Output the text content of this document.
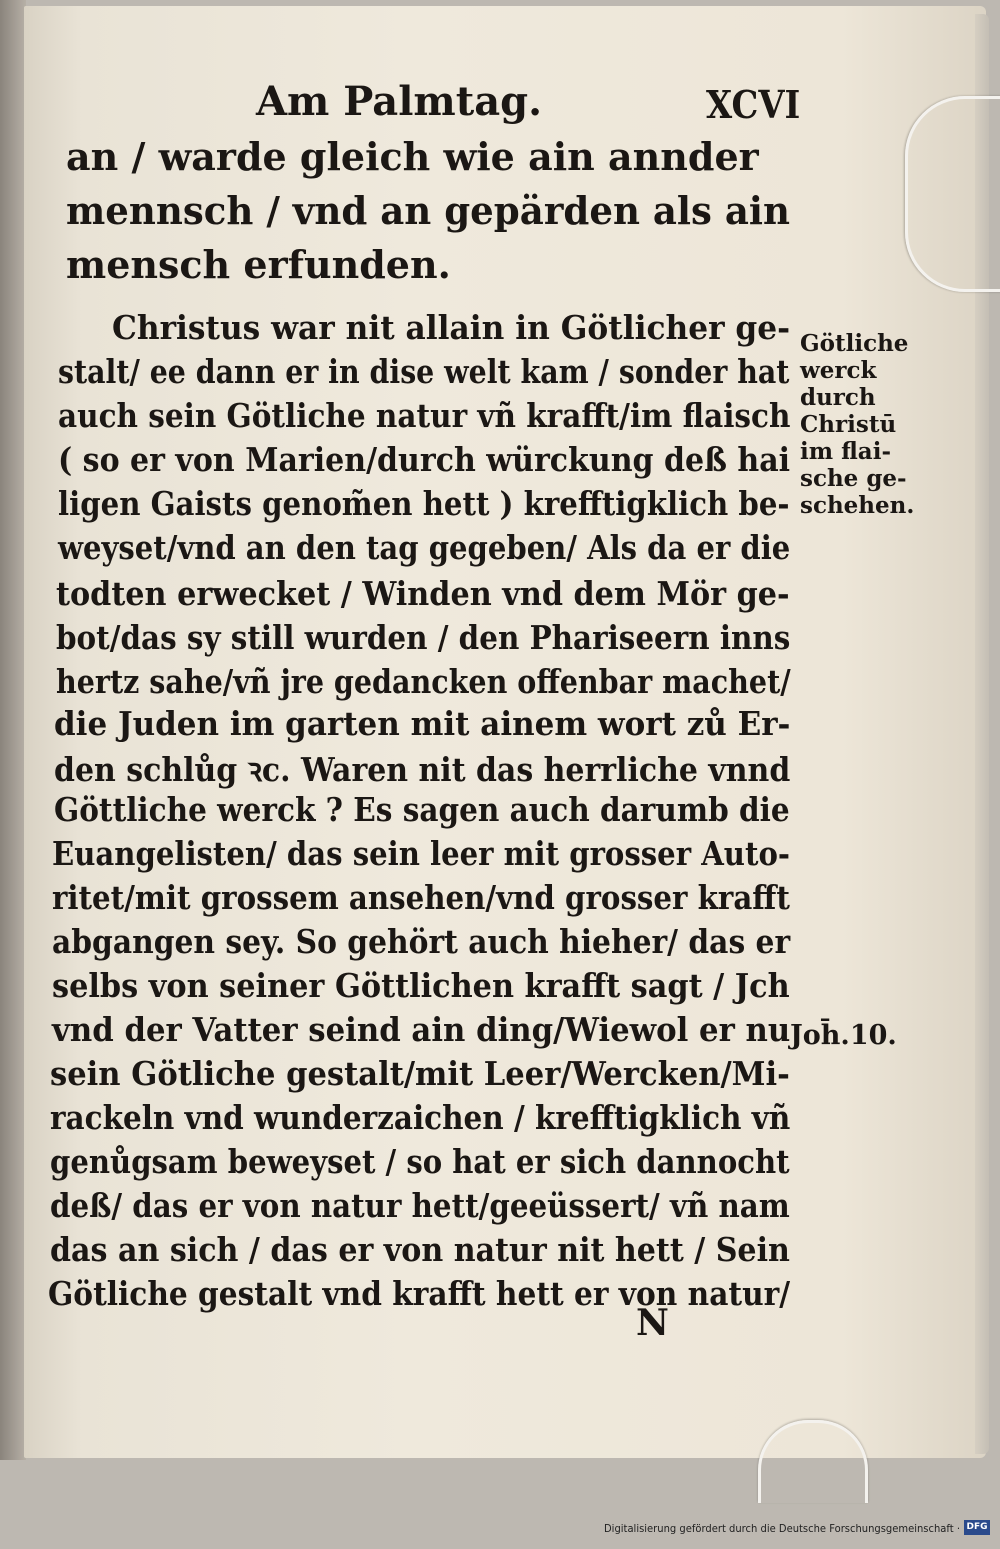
Am Palmtag.	XCVI
an / warde gleich wie ain annder
mennsch / vnd an gepärden als ain
mensch erfunden.
Christus war nit allain in Götlicher ge-
stalt/ ee dann er in dise welt kam / sonder hat
auch sein Götliche natur vñ krafft/im flaisch
( so er von Marien/durch würckung deß hai
ligen Gaists genom̃en hett ) krefftigklich be-
weyset/vnd an den tag gegeben/ Als da er die
todten erwecket / Winden vnd dem Mör ge-
bot/das sy still wurden / den Phariseern inns
hertz sahe/vñ jre gedancken offenbar machet/
die Juden im garten mit ainem wort zů Er-
den schlůg ꝛc. Waren nit das herrliche vnnd
Göttliche werck ? Es sagen auch darumb die
Euangelisten/ das sein leer mit grosser Auto-
ritet/mit grossem ansehen/vnd grosser krafft
abgangen sey. So gehört auch hieher/ das er
selbs von seiner Göttlichen krafft sagt / Jch
vnd der Vatter seind ain ding/Wiewol er nu
sein Götliche gestalt/mit Leer/Wercken/Mi-
rackeln vnd wunderzaichen / krefftigklich vñ
genůgsam beweyset / so hat er sich dannocht
deß/ das er von natur hett/geeüssert/ vñ nam
das an sich / das er von natur nit hett / Sein
Götliche gestalt vnd krafft hett er von natur/
Götliche
werck
durch
Christū
im flai-
sche ge-
schehen.
Joh̄.10.
N
Digitalisierung gefördert durch die Deutsche Forschungsgemeinschaft · DFG
